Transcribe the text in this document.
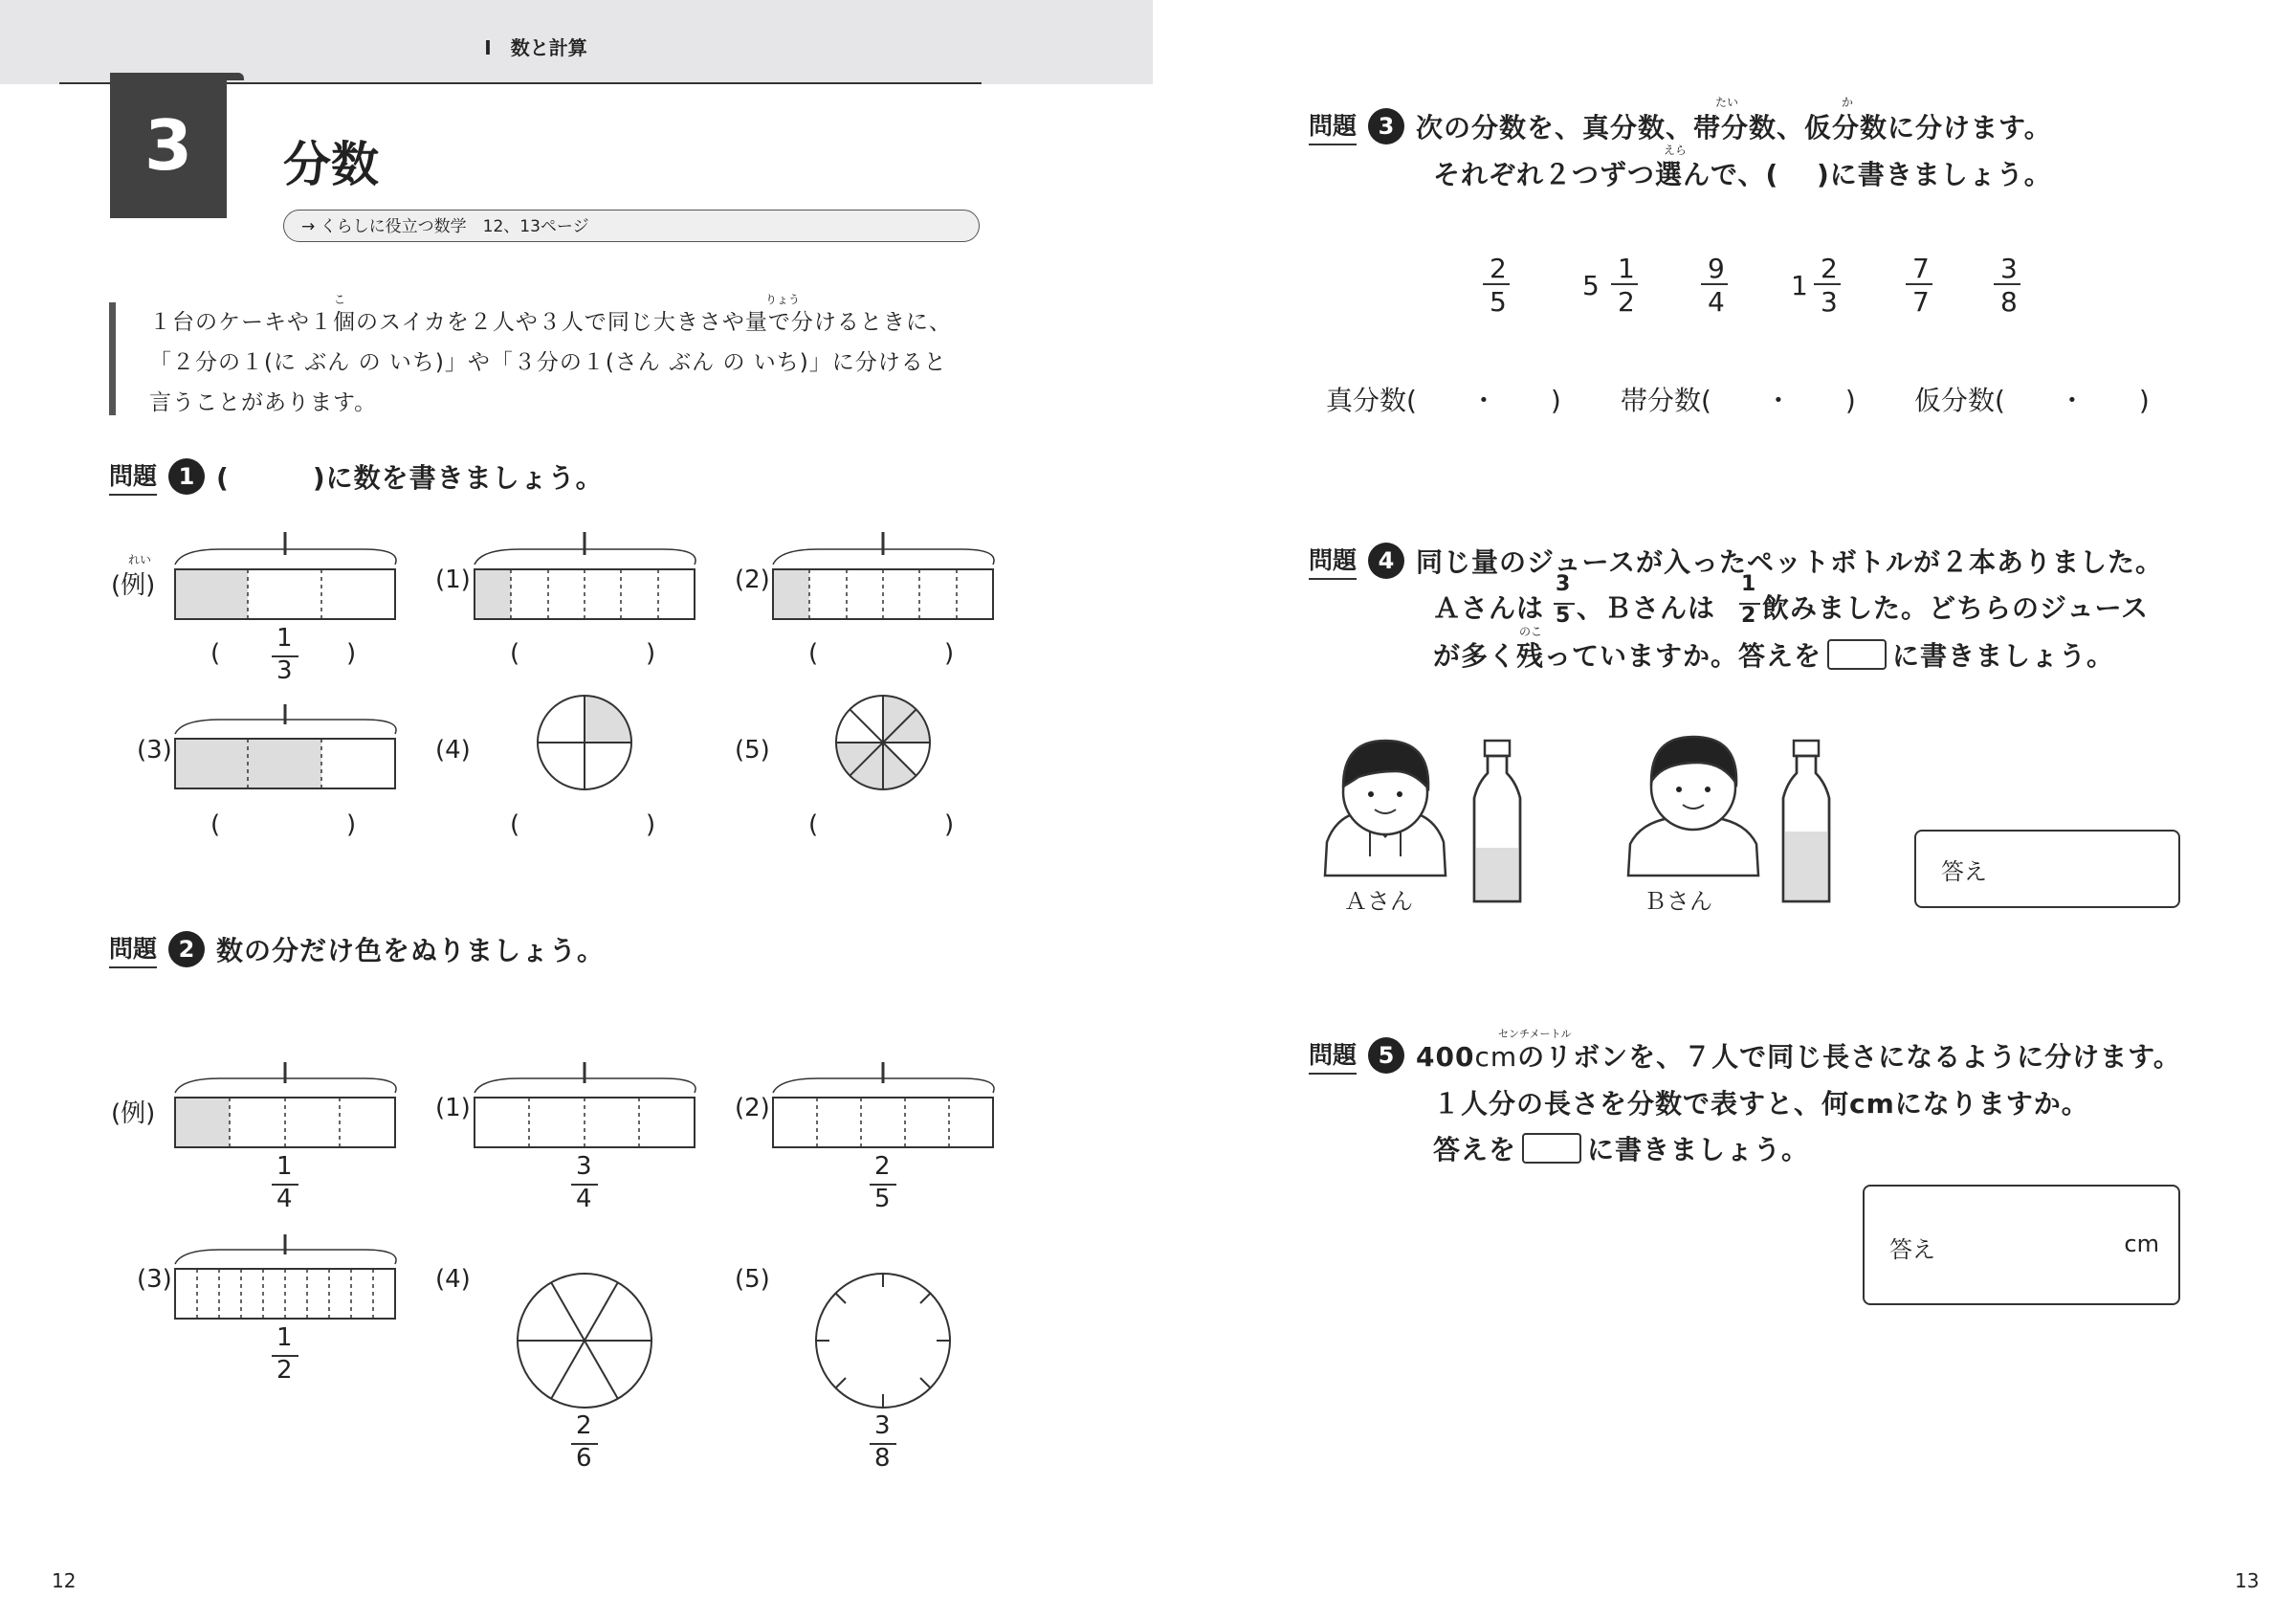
Ⅰ　数と計算
3	分数
→ くらしに役立つ数学　12、13ページ
こ	りょう
１台のケーキや１個のスイカを２人や３人で同じ大きさや量で分けるときに、
「２分の１(に ぶん の いち)」や「３分の１(さん ぶん の いち)」に分けると
言うことがあります。
問題 1 (　　　)に数を書きましょう。
れい
(例)	(1)	(2)
(3)	(4)	(5)
(
1
3
)	(	)	(	)
(	)	(	)	(	)
問題 2 数の分だけ色をぬりましょう。
(例)	(1)	(2)
(3)	(4)	(5)
1
4
3
4
2
5
1
2
2
6
3
8
12
たい	か
えら
問題 3 次の分数を、真分数、帯分数、仮分数に分けます。
それぞれ２つずつ選んで、(　 )に書きましょう。
2
5
5
1
2
9
4
1
2
3
7
7
3
8
真分数(　　・　　) 帯分数(　　・　　) 仮分数(　　・　　)
問題 4 同じ量のジュースが入ったペットボトルが２本ありました。
Ａさんは
3
5 、Ｂさんは
1
2 飲みました。どちらのジュース
のこ
が多く残っていますか。答えを	に書きましょう。
Ａさん	Ｂさん
答え
センチメートル
問題 5 400cmのリボンを、７人で同じ長さになるように分けます。
１人分の長さを分数で表すと、何cmになりますか。
答えを	に書きましょう。
答え	cm
13
